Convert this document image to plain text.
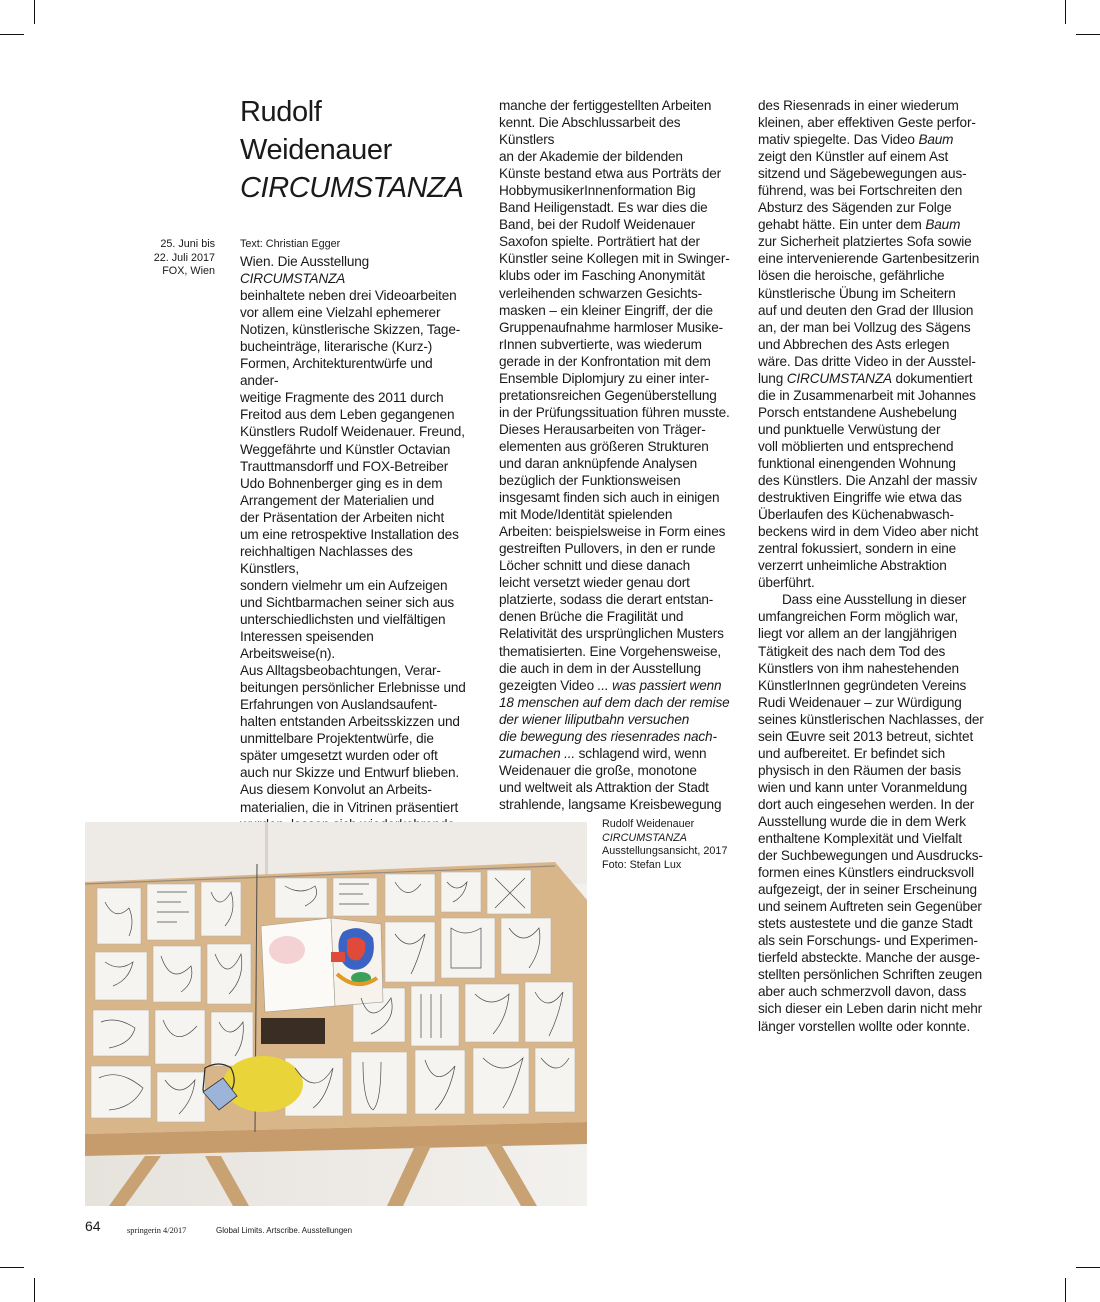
Rudolf
Weidenauer
CIRCUMSTANZA
25. Juni bis
22. Juli 2017
FOX, Wien
Text: Christian Egger
Wien. Die Ausstellung CIRCUMSTANZA
beinhaltete neben drei Videoarbeiten
vor allem eine Vielzahl ephemerer
Notizen, künstlerische Skizzen, Tage-
bucheinträge, literarische (Kurz-)
Formen, Architekturentwürfe und ander-
weitige Fragmente des 2011 durch
Freitod aus dem Leben gegangenen
Künstlers Rudolf Weidenauer. Freund,
Weggefährte und Künstler Octavian
Trauttmansdorff und FOX-Betreiber
Udo Bohnenberger ging es in dem
Arrangement der Materialien und
der Präsentation der Arbeiten nicht
um eine retrospektive Installation des
reichhaltigen Nachlasses des Künstlers,
sondern vielmehr um ein Aufzeigen
und Sichtbarmachen seiner sich aus
unterschiedlichsten und vielfältigen
Interessen speisenden Arbeitsweise(n).
Aus Alltagsbeobachtungen, Verar-
beitungen persönlicher Erlebnisse und
Erfahrungen von Auslandsaufent-
halten entstanden Arbeitsskizzen und
unmittelbare Projektentwürfe, die
später umgesetzt wurden oder oft
auch nur Skizze und Entwurf blieben.
Aus diesem Konvolut an Arbeits-
materialien, die in Vitrinen präsentiert
manche der fertiggestellten Arbeiten
kennt. Die Abschlussarbeit des Künstlers
an der Akademie der bildenden
Künste bestand etwa aus Porträts der
HobbymusikerInnenformation Big
Band Heiligenstadt. Es war dies die
Band, bei der Rudolf Weidenauer
Saxofon spielte. Porträtiert hat der
Künstler seine Kollegen mit in Swinger-
klubs oder im Fasching Anonymität
verleihenden schwarzen Gesichts-
masken – ein kleiner Eingriff, der die
Gruppenaufnahme harmloser Musike-
rInnen subvertierte, was wiederum
gerade in der Konfrontation mit dem
Ensemble Diplomjury zu einer inter-
pretationsreichen Gegenüberstellung
in der Prüfungssituation führen musste.
Dieses Herausarbeiten von Träger-
elementen aus größeren Strukturen
und daran anknüpfende Analysen
bezüglich der Funktionsweisen
insgesamt finden sich auch in einigen
mit Mode/Identität spielenden
Arbeiten: beispielsweise in Form eines
gestreiften Pullovers, in den er runde
Löcher schnitt und diese danach
leicht versetzt wieder genau dort
platzierte, sodass die derart entstan-
denen Brüche die Fragilität und
Relativität des ursprünglichen Musters
thematisierten. Eine Vorgehensweise,
die auch in dem in der Ausstellung
gezeigten Video ... was passiert wenn
18 menschen auf dem dach der remise
der wiener liliputbahn versuchen
die bewegung des riesenrades nach-
zumachen ... schlagend wird, wenn
Weidenauer die große, monotone
und weltweit als Attraktion der Stadt
strahlende, langsame Kreisbewegung
des Riesenrads in einer wiederum
kleinen, aber effektiven Geste perfor-
mativ spiegelte. Das Video Baum
zeigt den Künstler auf einem Ast
sitzend und Sägebewegungen aus-
führend, was bei Fortschreiten den
Absturz des Sägenden zur Folge
gehabt hätte. Ein unter dem Baum
zur Sicherheit platziertes Sofa sowie
eine intervenierende Gartenbesitzerin
lösen die heroische, gefährliche
künstlerische Übung im Scheitern
auf und deuten den Grad der Illusion
an, der man bei Vollzug des Sägens
und Abbrechen des Asts erlegen
wäre. Das dritte Video in der Ausstel-
lung CIRCUMSTANZA dokumentiert
die in Zusammenarbeit mit Johannes
Porsch entstandene Aushebelung
und punktuelle Verwüstung der
voll möblierten und entsprechend
funktional einengenden Wohnung
des Künstlers. Die Anzahl der massiv
destruktiven Eingriffe wie etwa das
Überlaufen des Küchenabwasch-
beckens wird in dem Video aber nicht
zentral fokussiert, sondern in eine
verzerrt unheimliche Abstraktion
überführt.
Dass eine Ausstellung in dieser
umfangreichen Form möglich war,
liegt vor allem an der langjährigen
Tätigkeit des nach dem Tod des
Künstlers von ihm nahestehenden
KünstlerInnen gegründeten Vereins
Rudi Weidenauer – zur Würdigung
seines künstlerischen Nachlasses, der
sein Œuvre seit 2013 betreut, sichtet
und aufbereitet. Er befindet sich
physisch in den Räumen der basis
wien und kann unter Voranmeldung
dort auch eingesehen werden. In der
Ausstellung wurde die in dem Werk
enthaltene Komplexität und Vielfalt
der Suchbewegungen und Ausdrucks-
formen eines Künstlers eindrucksvoll
aufgezeigt, der in seiner Erscheinung
und seinem Auftreten sein Gegenüber
stets austestete und die ganze Stadt
als sein Forschungs- und Experimen-
tierfeld absteckte. Manche der ausge-
stellten persönlichen Schriften zeugen
aber auch schmerzvoll davon, dass
sich dieser ein Leben darin nicht mehr
länger vorstellen wollte oder konnte.
Rudolf Weidenauer
CIRCUMSTANZA
Ausstellungsansicht, 2017
Foto: Stefan Lux
64	springerin 4/2017	Global Limits. Artscribe. Ausstellungen
